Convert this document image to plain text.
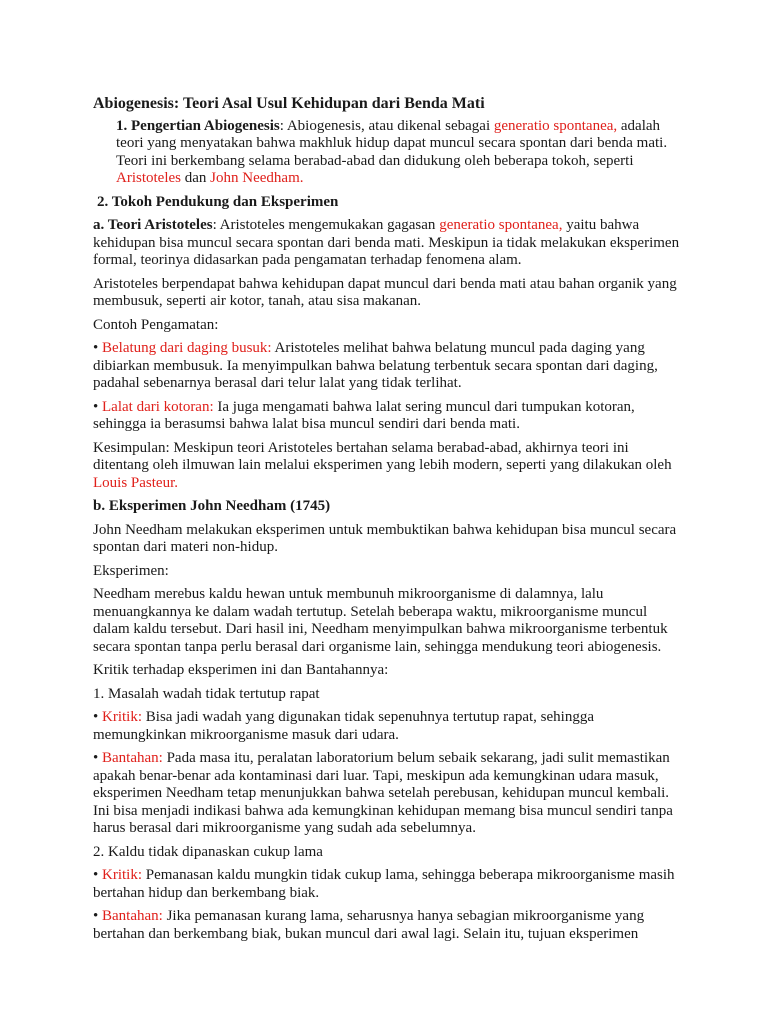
Abiogenesis: Teori Asal Usul Kehidupan dari Benda Mati
1. Pengertian Abiogenesis: Abiogenesis, atau dikenal sebagai generatio spontanea, adalah teori yang menyatakan bahwa makhluk hidup dapat muncul secara spontan dari benda mati. Teori ini berkembang selama berabad-abad dan didukung oleh beberapa tokoh, seperti Aristoteles dan John Needham.
2. Tokoh Pendukung dan Eksperimen
a. Teori Aristoteles: Aristoteles mengemukakan gagasan generatio spontanea, yaitu bahwa kehidupan bisa muncul secara spontan dari benda mati. Meskipun ia tidak melakukan eksperimen formal, teorinya didasarkan pada pengamatan terhadap fenomena alam.
Aristoteles berpendapat bahwa kehidupan dapat muncul dari benda mati atau bahan organik yang membusuk, seperti air kotor, tanah, atau sisa makanan.
Contoh Pengamatan:
• Belatung dari daging busuk: Aristoteles melihat bahwa belatung muncul pada daging yang dibiarkan membusuk. Ia menyimpulkan bahwa belatung terbentuk secara spontan dari daging, padahal sebenarnya berasal dari telur lalat yang tidak terlihat.
• Lalat dari kotoran: Ia juga mengamati bahwa lalat sering muncul dari tumpukan kotoran, sehingga ia berasumsi bahwa lalat bisa muncul sendiri dari benda mati.
Kesimpulan: Meskipun teori Aristoteles bertahan selama berabad-abad, akhirnya teori ini ditentang oleh ilmuwan lain melalui eksperimen yang lebih modern, seperti yang dilakukan oleh Louis Pasteur.
b. Eksperimen John Needham (1745)
John Needham melakukan eksperimen untuk membuktikan bahwa kehidupan bisa muncul secara spontan dari materi non-hidup.
Eksperimen:
Needham merebus kaldu hewan untuk membunuh mikroorganisme di dalamnya, lalu menuangkannya ke dalam wadah tertutup. Setelah beberapa waktu, mikroorganisme muncul dalam kaldu tersebut. Dari hasil ini, Needham menyimpulkan bahwa mikroorganisme terbentuk secara spontan tanpa perlu berasal dari organisme lain, sehingga mendukung teori abiogenesis.
Kritik terhadap eksperimen ini dan Bantahannya:
1. Masalah wadah tidak tertutup rapat
• Kritik: Bisa jadi wadah yang digunakan tidak sepenuhnya tertutup rapat, sehingga memungkinkan mikroorganisme masuk dari udara.
• Bantahan: Pada masa itu, peralatan laboratorium belum sebaik sekarang, jadi sulit memastikan apakah benar-benar ada kontaminasi dari luar. Tapi, meskipun ada kemungkinan udara masuk, eksperimen Needham tetap menunjukkan bahwa setelah perebusan, kehidupan muncul kembali. Ini bisa menjadi indikasi bahwa ada kemungkinan kehidupan memang bisa muncul sendiri tanpa harus berasal dari mikroorganisme yang sudah ada sebelumnya.
2. Kaldu tidak dipanaskan cukup lama
• Kritik: Pemanasan kaldu mungkin tidak cukup lama, sehingga beberapa mikroorganisme masih bertahan hidup dan berkembang biak.
• Bantahan: Jika pemanasan kurang lama, seharusnya hanya sebagian mikroorganisme yang bertahan dan berkembang biak, bukan muncul dari awal lagi. Selain itu, tujuan eksperimen
